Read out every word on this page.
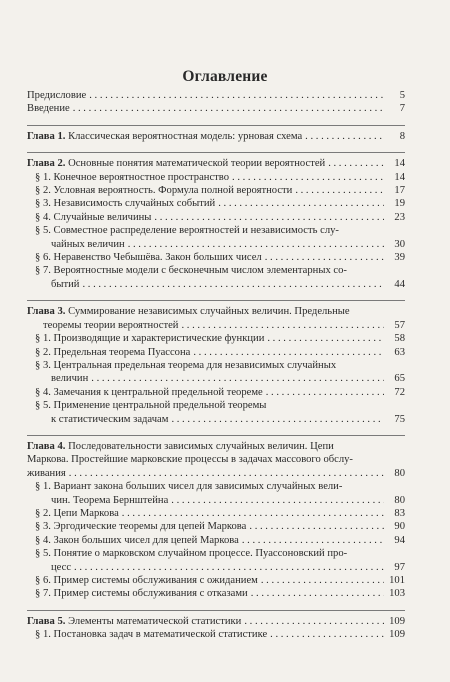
Оглавление
Предисловие . . .	5
Введение . . .	7
Глава 1. Классическая вероятностная модель: урновая схема . . .	8
Глава 2. Основные понятия математической теории вероятностей . . .	14
§ 1. Конечное вероятностное пространство . . .	14
§ 2. Условная вероятность. Формула полной вероятности . . .	17
§ 3. Независимость случайных событий . . .	19
§ 4. Случайные величины . . .	23
§ 5. Совместное распределение вероятностей и независимость слу-
чайных величин . . .	30
§ 6. Неравенство Чебышёва. Закон больших чисел . . .	39
§ 7. Вероятностные модели с бесконечным числом элементарных со-
бытий . . .	44
Глава 3. Суммирование независимых случайных величин. Предельные
теоремы теории вероятностей . . .	57
§ 1. Производящие и характеристические функции . . .	58
§ 2. Предельная теорема Пуассона . . .	63
§ 3. Центральная предельная теорема для независимых случайных
величин . . .	65
§ 4. Замечания к центральной предельной теореме . . .	72
§ 5. Применение центральной предельной теоремы
к статистическим задачам . . .	75
Глава 4. Последовательности зависимых случайных величин. Цепи
Маркова. Простейшие марковские процессы в задачах массового обслу-
живания . . .	80
§ 1. Вариант закона больших чисел для зависимых случайных вели-
чин. Теорема Бернштейна . . .	80
§ 2. Цепи Маркова . . .	83
§ 3. Эргодические теоремы для цепей Маркова . . .	90
§ 4. Закон больших чисел для цепей Маркова . . .	94
§ 5. Понятие о марковском случайном процессе. Пуассоновский про-
цесс . . .	97
§ 6. Пример системы обслуживания с ожиданием . . .	101
§ 7. Пример системы обслуживания с отказами . . .	103
Глава 5. Элементы математической статистики . . .	109
§ 1. Постановка задач в математической статистике . . .	109
